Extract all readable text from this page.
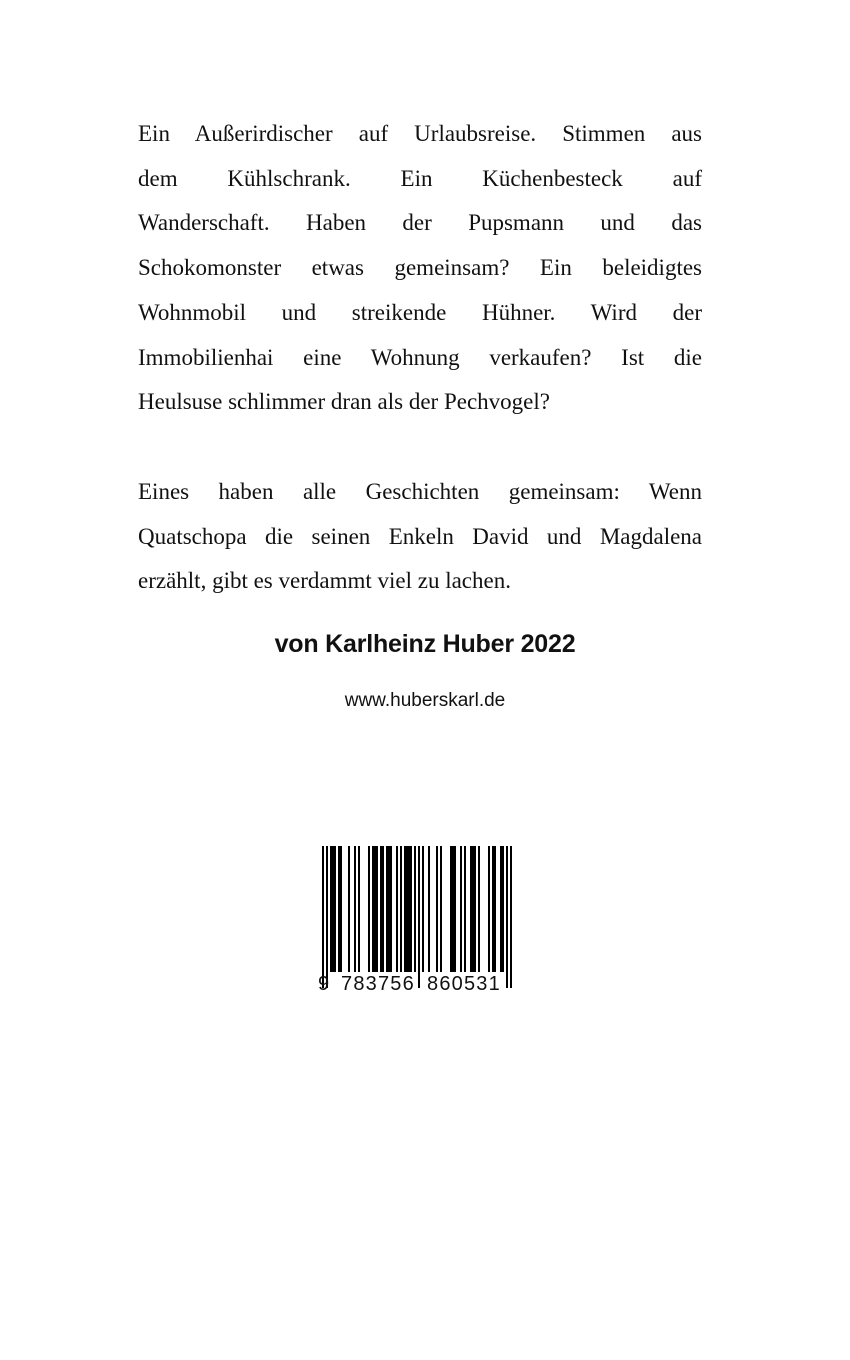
Ein Außerirdischer auf Urlaubsreise. Stimmen aus
dem Kühlschrank. Ein Küchenbesteck auf
Wanderschaft. Haben der Pupsmann und das
Schokomonster etwas gemeinsam? Ein beleidigtes
Wohnmobil und streikende Hühner. Wird der
Immobilienhai eine Wohnung verkaufen? Ist die
Heulsuse schlimmer dran als der Pechvogel?
Eines haben alle Geschichten gemeinsam: Wenn
Quatschopa die seinen Enkeln David und Magdalena
erzählt, gibt es verdammt viel zu lachen.

von Karlheinz Huber 2022

www.huberskarl.de

9 783756 860531
